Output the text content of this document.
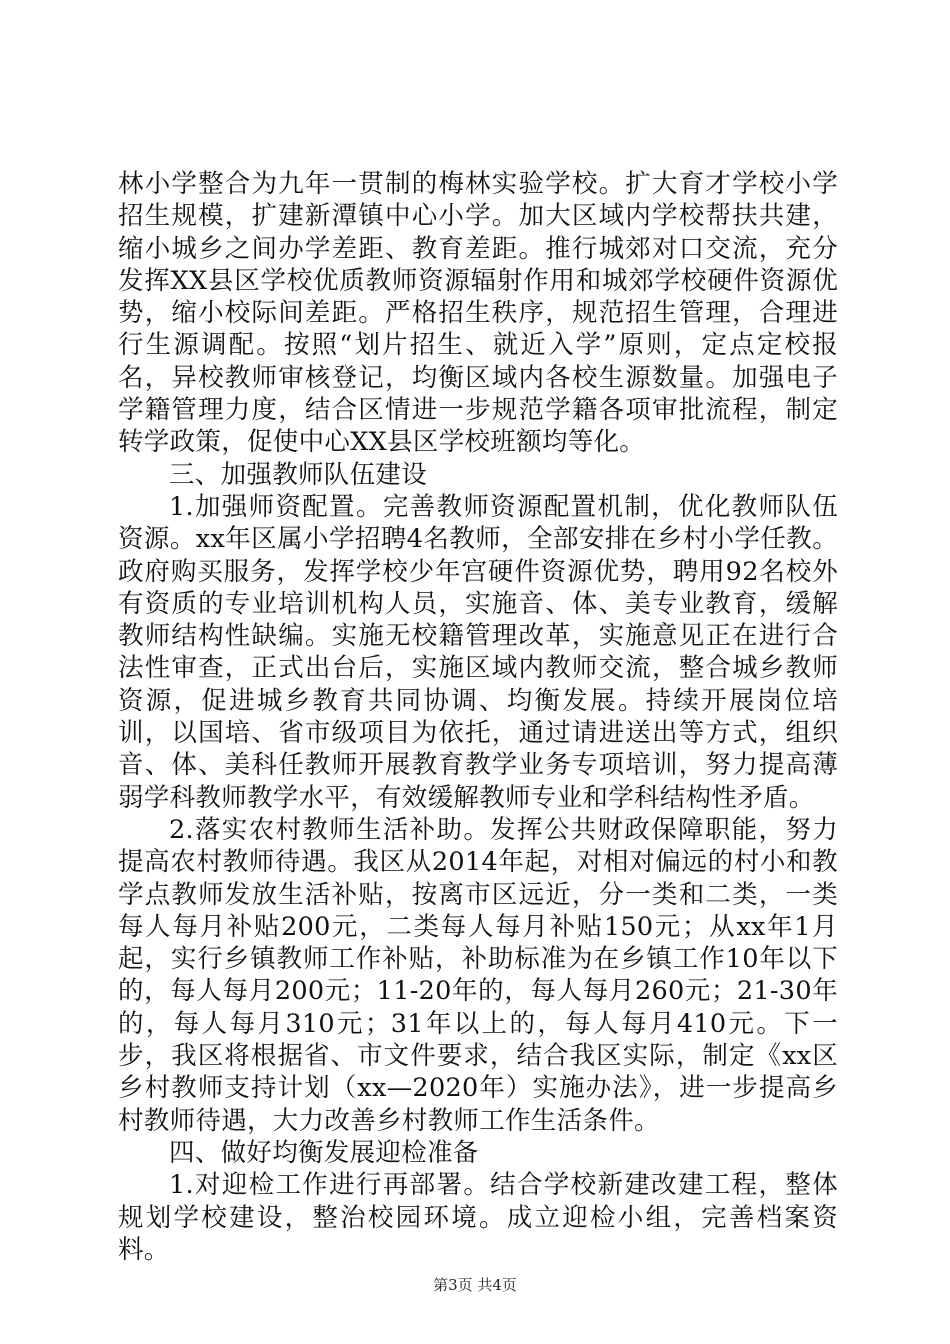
林小学整合为九年一贯制的梅林实验学校。扩大育才学校小学招生规模，扩建新潭镇中心小学。加大区域内学校帮扶共建，缩小城乡之间办学差距、教育差距。推行城郊对口交流，充分发挥XX县区学校优质教师资源辐射作用和城郊学校硬件资源优势，缩小校际间差距。严格招生秩序，规范招生管理，合理进行生源调配。按照“划片招生、就近入学”原则，定点定校报名，异校教师审核登记，均衡区域内各校生源数量。加强电子学籍管理力度，结合区情进一步规范学籍各项审批流程，制定转学政策，促使中心XX县区学校班额均等化。

三、加强教师队伍建设

1.加强师资配置。完善教师资源配置机制，优化教师队伍资源。xx年区属小学招聘4名教师，全部安排在乡村小学任教。政府购买服务，发挥学校少年宫硬件资源优势，聘用92名校外有资质的专业培训机构人员，实施音、体、美专业教育，缓解教师结构性缺编。实施无校籍管理改革，实施意见正在进行合法性审查，正式出台后，实施区域内教师交流，整合城乡教师资源，促进城乡教育共同协调、均衡发展。持续开展岗位培训，以国培、省市级项目为依托，通过请进送出等方式，组织音、体、美科任教师开展教育教学业务专项培训，努力提高薄弱学科教师教学水平，有效缓解教师专业和学科结构性矛盾。

2.落实农村教师生活补助。发挥公共财政保障职能，努力提高农村教师待遇。我区从2014年起，对相对偏远的村小和教学点教师发放生活补贴，按离市区远近，分一类和二类，一类每人每月补贴200元，二类每人每月补贴150元；从xx年1月起，实行乡镇教师工作补贴，补助标准为在乡镇工作10年以下的，每人每月200元；11-20年的，每人每月260元；21-30年的，每人每月310元；31年以上的，每人每月410元。下一步，我区将根据省、市文件要求，结合我区实际，制定《xx区乡村教师支持计划（xx—2020年）实施办法》，进一步提高乡村教师待遇，大力改善乡村教师工作生活条件。

四、做好均衡发展迎检准备

1.对迎检工作进行再部署。结合学校新建改建工程，整体规划学校建设，整治校园环境。成立迎检小组，完善档案资料。

第3页 共4页
